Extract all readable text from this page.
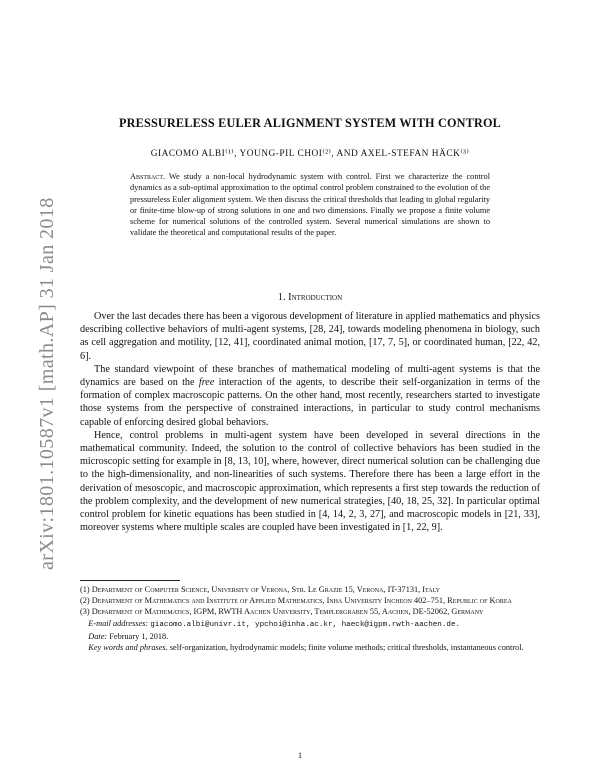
arXiv:1801.10587v1 [math.AP] 31 Jan 2018
PRESSURELESS EULER ALIGNMENT SYSTEM WITH CONTROL
GIACOMO ALBI⁽¹⁾, YOUNG-PIL CHOI⁽²⁾, AND AXEL-STEFAN HÄCK⁽³⁾
Abstract. We study a non-local hydrodynamic system with control. First we characterize the control dynamics as a sub-optimal approximation to the optimal control problem constrained to the evolution of the pressureless Euler alignment system. We then discuss the critical thresholds that leading to global regularity or finite-time blow-up of strong solutions in one and two dimensions. Finally we propose a finite volume scheme for numerical solutions of the controlled system. Several numerical simulations are shown to validate the theoretical and computational results of the paper.
1. Introduction

Over the last decades there has been a vigorous development of literature in applied mathematics and physics describing collective behaviors of multi-agent systems, [28, 24], towards modeling phenomena in biology, such as cell aggregation and motility, [12, 41], coordinated animal motion, [17, 7, 5], or coordinated human, [22, 42, 6].

The standard viewpoint of these branches of mathematical modeling of multi-agent systems is that the dynamics are based on the free interaction of the agents, to describe their self-organization in terms of the formation of complex macroscopic patterns. On the other hand, most recently, researchers started to investigate those systems from the perspective of constrained interactions, in particular to study control mechanisms capable of enforcing desired global behaviors.

Hence, control problems in multi-agent system have been developed in several directions in the mathematical community. Indeed, the solution to the control of collective behaviors has been studied in the microscopic setting for example in [8, 13, 10], where, however, direct numerical solution can be challenging due to the high-dimensionality, and non-linearities of such systems. Therefore there has been a large effort in the derivation of mesoscopic, and macroscopic approximation, which represents a first step towards the reduction of the problem complexity, and the development of new numerical strategies, [40, 18, 25, 32]. In particular optimal control problem for kinetic equations has been studied in [4, 14, 2, 3, 27], and macroscopic models in [21, 33], moreover systems where multiple scales are coupled have been investigated in [1, 22, 9].

(1) Department of Computer Science, University of Verona, Str. Le Grazie 15, Verona, IT-37131, Italy

(2) Department of Mathematics and Institute of Applied Mathematics, Inha University Incheon 402–751, Republic of Korea

(3) Department of Mathematics, IGPM, RWTH Aachen University, Templergraben 55, Aachen, DE-52062, Germany

 E-mail addresses: giacomo.albi@univr.it, ypchoi@inha.ac.kr, haeck@igpm.rwth-aachen.de.

 Date: February 1, 2018.

 Key words and phrases. self-organization, hydrodynamic models; finite volume methods; critical thresholds, instantaneous control.

1
